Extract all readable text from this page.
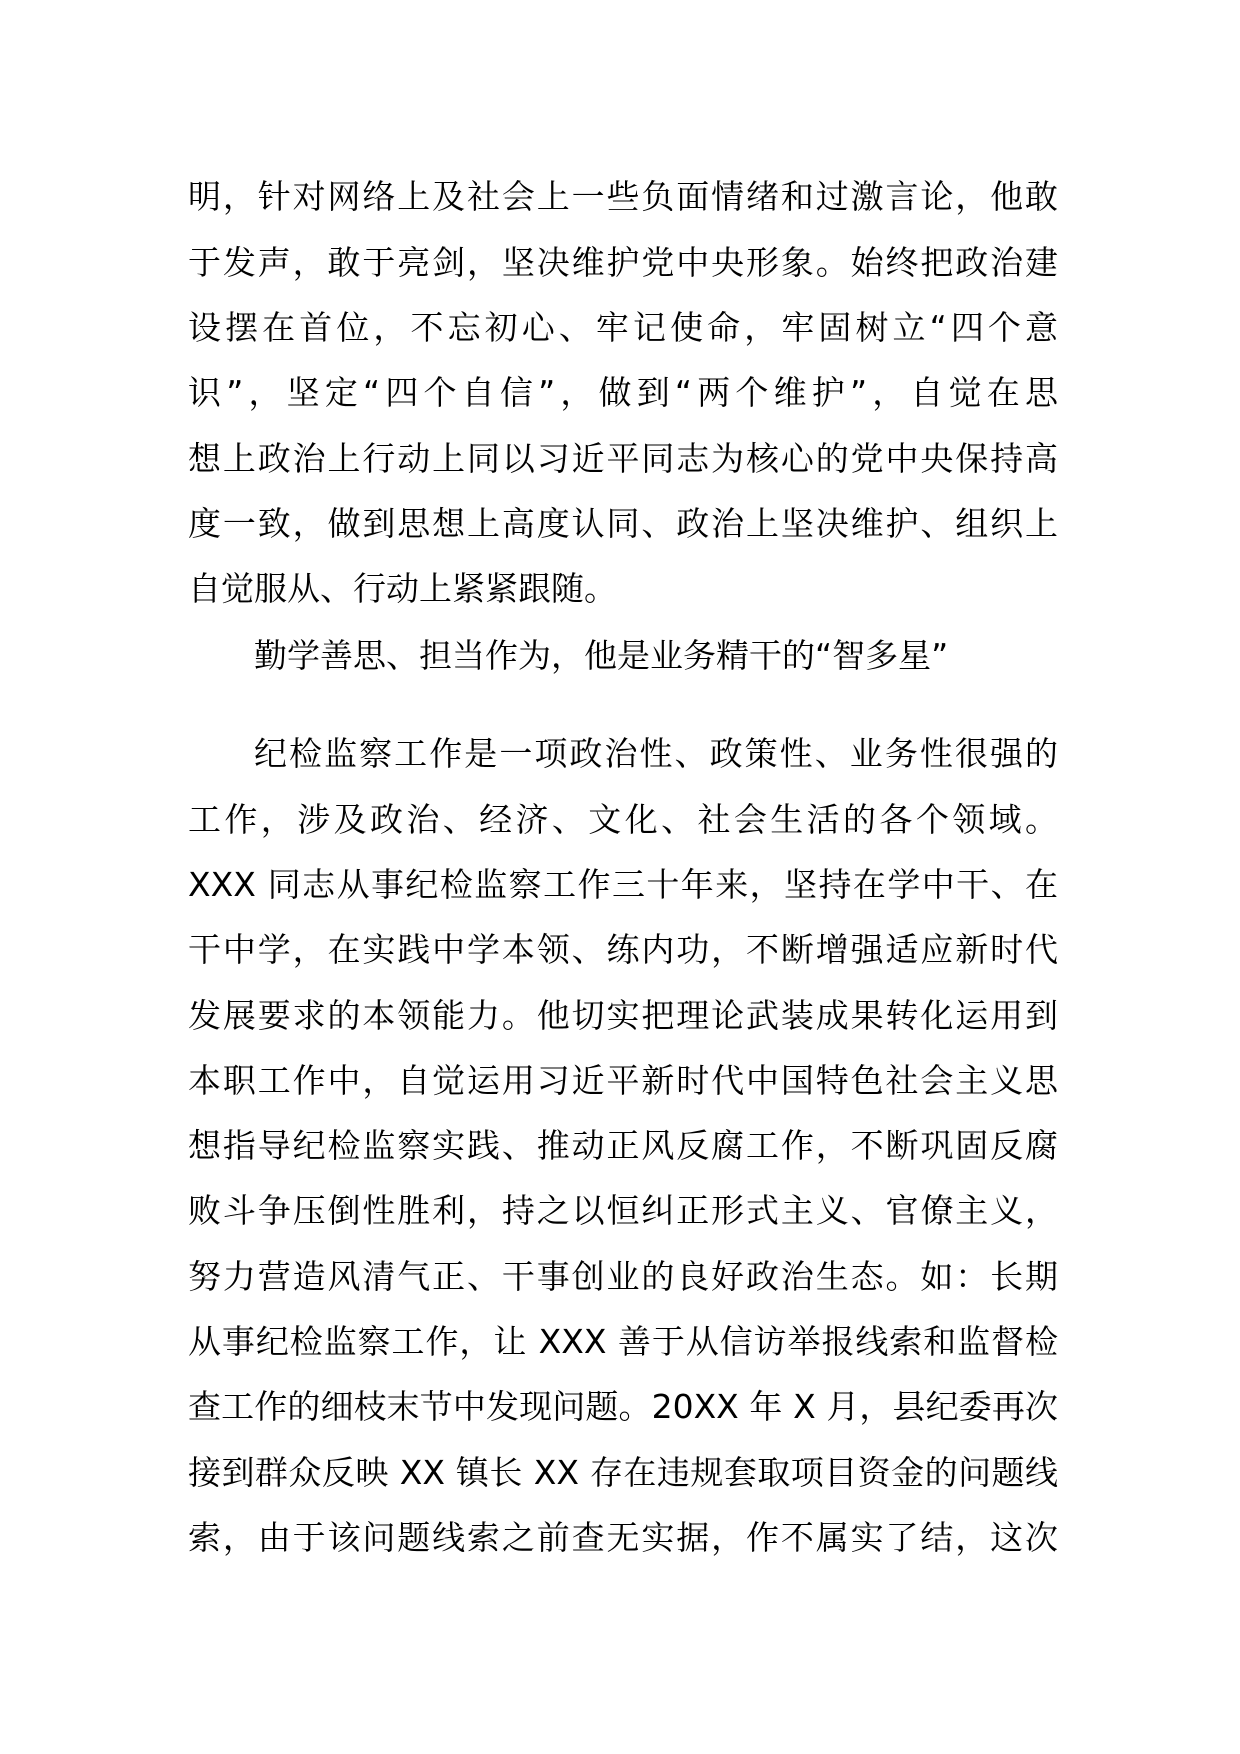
明，针对网络上及社会上一些负面情绪和过激言论，他敢
于发声，敢于亮剑，坚决维护党中央形象。始终把政治建
设摆在首位，不忘初心、牢记使命，牢固树立“四个意
识”，坚定“四个自信”，做到“两个维护”，自觉在思
想上政治上行动上同以习近平同志为核心的党中央保持高
度一致，做到思想上高度认同、政治上坚决维护、组织上
自觉服从、行动上紧紧跟随。
勤学善思、担当作为，他是业务精干的“智多星”
纪检监察工作是一项政治性、政策性、业务性很强的
工作，涉及政治、经济、文化、社会生活的各个领域。
XXX 同志从事纪检监察工作三十年来，坚持在学中干、在
干中学，在实践中学本领、练内功，不断增强适应新时代
发展要求的本领能力。他切实把理论武装成果转化运用到
本职工作中，自觉运用习近平新时代中国特色社会主义思
想指导纪检监察实践、推动正风反腐工作，不断巩固反腐
败斗争压倒性胜利，持之以恒纠正形式主义、官僚主义，
努力营造风清气正、干事创业的良好政治生态。如：长期
从事纪检监察工作，让 XXX 善于从信访举报线索和监督检
查工作的细枝末节中发现问题。20XX 年 X 月，县纪委再次
接到群众反映 XX 镇长 XX 存在违规套取项目资金的问题线
索，由于该问题线索之前查无实据，作不属实了结，这次
